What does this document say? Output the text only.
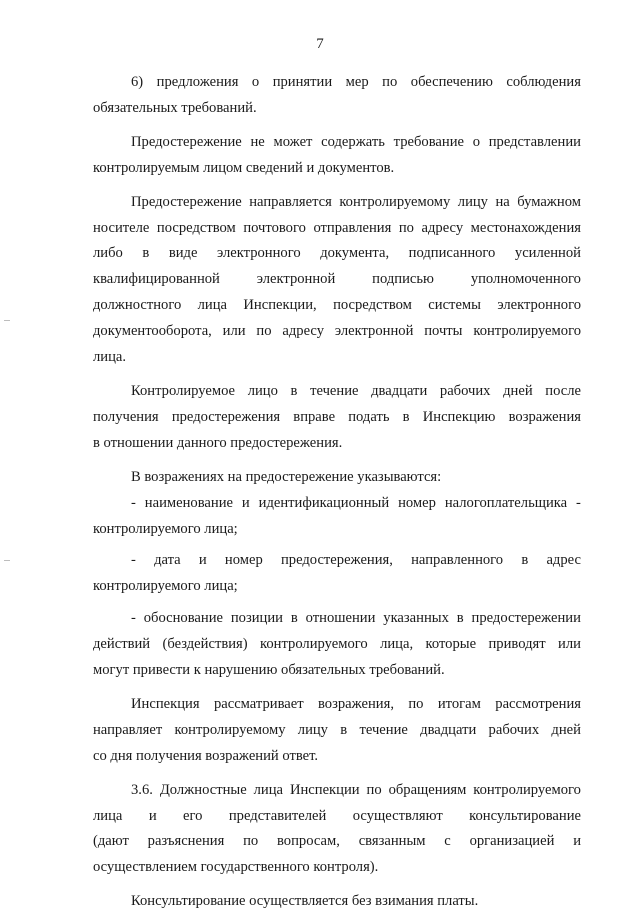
7
6) предложения о принятии мер по обеспечению соблюдения
обязательных требований.
Предостережение не может содержать требование о представлении
контролируемым лицом сведений и документов.
Предостережение направляется контролируемому лицу на бумажном
носителе посредством почтового отправления по адресу местонахождения
либо в виде электронного документа, подписанного усиленной
квалифицированной	электронной	подписью	уполномоченного
должностного лица Инспекции, посредством системы электронного
документооборота, или по адресу электронной почты контролируемого
лица.
Контролируемое лицо в течение двадцати рабочих дней после
получения предостережения вправе подать в Инспекцию возражения
в отношении данного предостережения.
В возражениях на предостережение указываются:
- наименование и идентификационный номер налогоплательщика -
контролируемого лица;
- дата и номер предостережения, направленного в адрес
контролируемого лица;
- обоснование позиции в отношении указанных в предостережении
действий (бездействия) контролируемого лица, которые приводят или
могут привести к нарушению обязательных требований.
Инспекция рассматривает возражения, по итогам рассмотрения
направляет контролируемому лицу в течение двадцати рабочих дней
со дня получения возражений ответ.
3.6. Должностные лица Инспекции по обращениям контролируемого
лица и его представителей осуществляют консультирование
(дают разъяснения по вопросам, связанным с организацией и
осуществлением государственного контроля).
Консультирование осуществляется без взимания платы.
